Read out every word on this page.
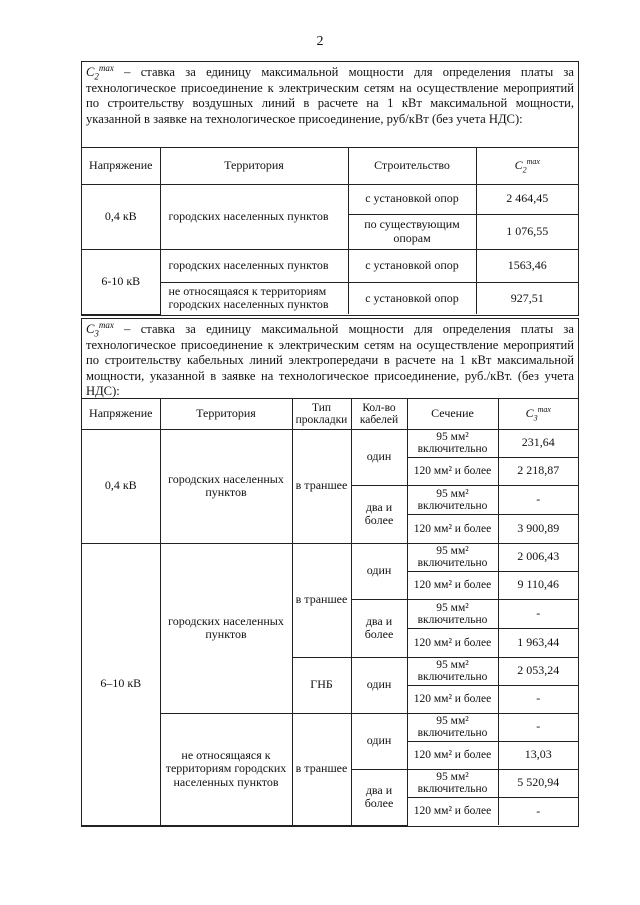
2
$C_2^{max}$ – ставка за единицу максимальной мощности для определения платы за технологическое присоединение к электрическим сетям на осуществление мероприятий по строительству воздушных линий в расчете на 1 кВт максимальной мощности, указанной в заявке на технологическое присоединение, руб/кВт (без учета НДС):
Напряжение	Территория	Строительство	$C_2^{max}$
0,4 кВ	городских населенных пунктов	с установкой опор	2 464,45
		по существующим опорам	1 076,55
6-10 кВ	городских населенных пунктов	с установкой опор	1563,46
	не относящаяся к территориям городских населенных пунктов	с установкой опор	927,51
$C_3^{max}$ – ставка за единицу максимальной мощности для определения платы за технологическое присоединение к электрическим сетям на осуществление мероприятий по строительству кабельных линий электропередачи в расчете на 1 кВт максимальной мощности, указанной в заявке на технологическое присоединение, руб./кВт. (без учета НДС):
Напряжение	Территория	Тип прокладки	Кол-во кабелей	Сечение	$C_3^{max}$
0,4 кВ	городских населенных пунктов	в траншее	один	95 мм² включительно	231,64
				120 мм² и более	2 218,87
			два и более	95 мм² включительно	-
				120 мм² и более	3 900,89
6–10 кВ	городских населенных пунктов	в траншее	один	95 мм² включительно	2 006,43
				120 мм² и более	9 110,46
			два и более	95 мм² включительно	-
				120 мм² и более	1 963,44
		ГНБ	один	95 мм² включительно	2 053,24
				120 мм² и более	-
	не относящаяся к территориям городских населенных пунктов	в траншее	один	95 мм² включительно	-
				120 мм² и более	13,03
			два и более	95 мм² включительно	5 520,94
				120 мм² и более	-
